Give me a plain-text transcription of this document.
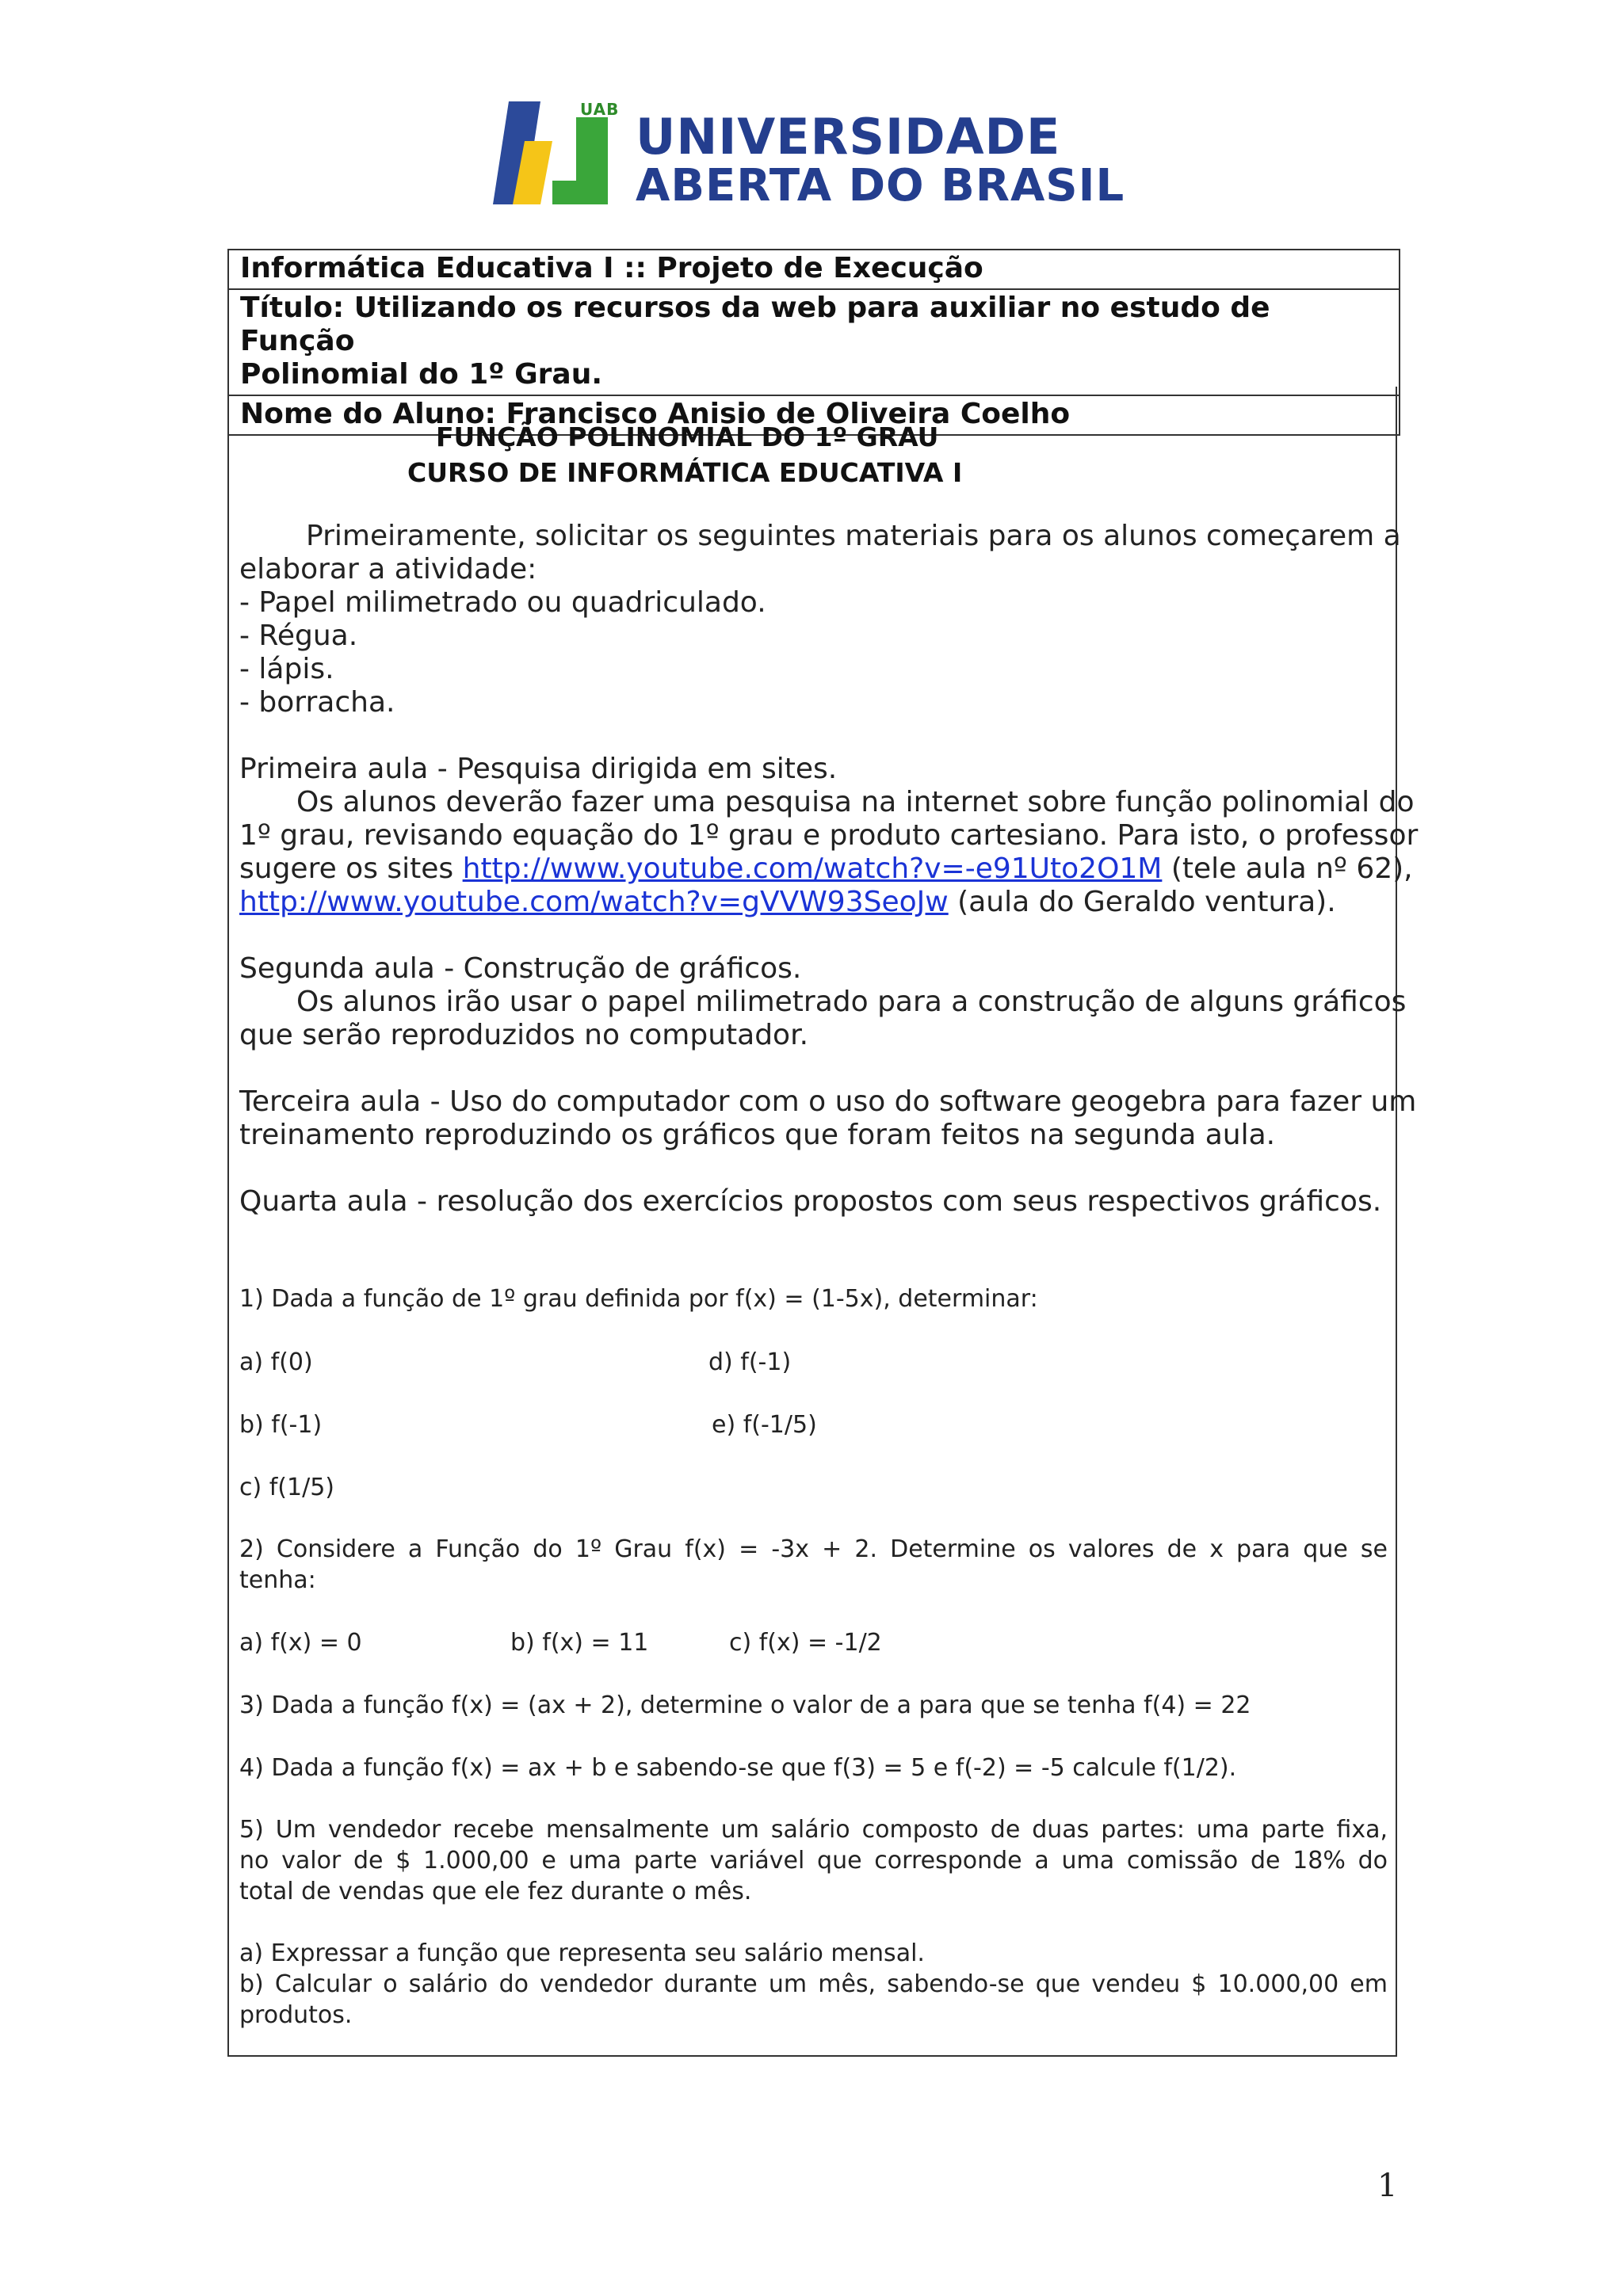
UAB UNIVERSIDADE
ABERTA DO BRASIL
Informática Educativa I :: Projeto de Execução
Título: Utilizando os recursos da web para auxiliar no estudo de Função
Polinomial do 1º Grau.
Nome do Aluno: Francisco Anisio de Oliveira Coelho
FUNÇÃO POLINOMIAL DO 1º GRAU
CURSO DE INFORMÁTICA EDUCATIVA I
Primeiramente, solicitar os seguintes materiais para os alunos começarem a
elaborar a atividade:
- Papel milimetrado ou quadriculado.
- Régua.
- lápis.
- borracha.
Primeira aula - Pesquisa dirigida em sites.
Os alunos deverão fazer uma pesquisa na internet sobre função polinomial do
1º grau, revisando equação do 1º grau e produto cartesiano. Para isto, o professor
sugere os sites http://www.youtube.com/watch?v=-e91Uto2O1M (tele aula nº 62),
http://www.youtube.com/watch?v=gVVW93SeoJw (aula do Geraldo ventura).
Segunda aula - Construção de gráficos.
Os alunos irão usar o papel milimetrado para a construção de alguns gráficos
que serão reproduzidos no computador.
Terceira aula - Uso do computador com o uso do software geogebra para fazer um
treinamento reproduzindo os gráficos que foram feitos na segunda aula.
Quarta aula - resolução dos exercícios propostos com seus respectivos gráficos.
1) Dada a função de 1º grau definida por f(x) = (1-5x), determinar:
a) f(0)	d) f(-1)
b) f(-1)	e) f(-1/5)
c) f(1/5)
2) Considere a Função do 1º Grau f(x) = -3x + 2. Determine os valores de x para que se
tenha:
a) f(x) = 0	b) f(x) = 11	c) f(x) = -1/2
3) Dada a função f(x) = (ax + 2), determine o valor de a para que se tenha f(4) = 22
4) Dada a função f(x) = ax + b e sabendo-se que f(3) = 5 e f(-2) = -5 calcule f(1/2).
5) Um vendedor recebe mensalmente um salário composto de duas partes: uma parte fixa,
no valor de $ 1.000,00 e uma parte variável que corresponde a uma comissão de 18% do
total de vendas que ele fez durante o mês.
a) Expressar a função que representa seu salário mensal.
b) Calcular o salário do vendedor durante um mês, sabendo-se que vendeu $ 10.000,00 em
produtos.
1
